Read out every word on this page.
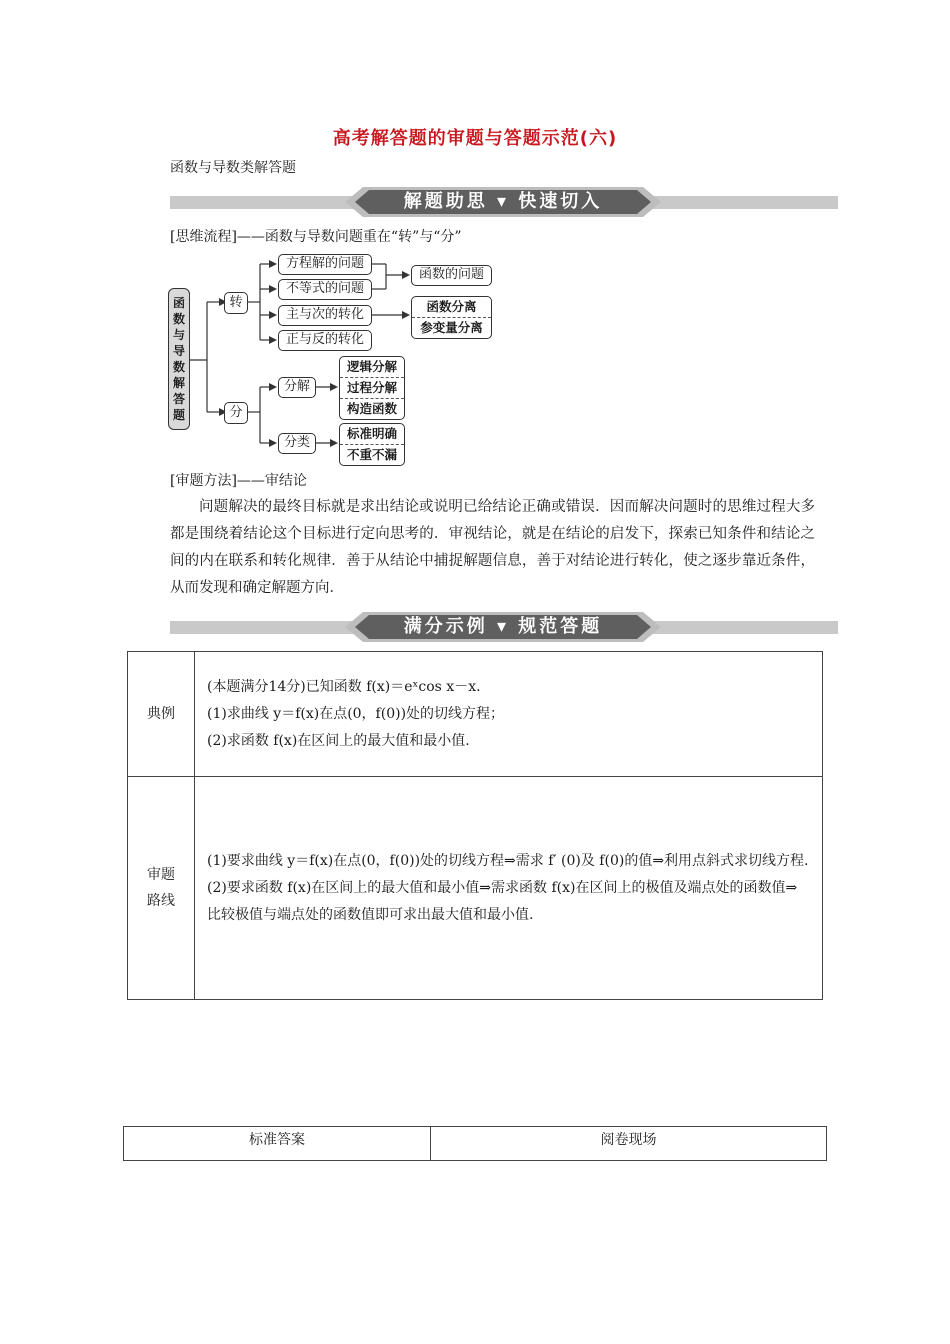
高考解答题的审题与答题示范(六)
函数与导数类解答题
解题助思 ▾ 快速切入
[思维流程]——函数与导数问题重在“转”与“分”
函数与导数解答题
转
分
方程解的问题
不等式的问题
主与次的转化
正与反的转化
函数的问题
函数分离
参变量分离
分解
分类
逻辑分解
过程分解
构造函数
标准明确
不重不漏
[审题方法]——审结论
问题解决的最终目标就是求出结论或说明已给结论正确或错误．因而解决问题时的思维过程大多都是围绕着结论这个目标进行定向思考的．审视结论，就是在结论的启发下，探索已知条件和结论之间的内在联系和转化规律．善于从结论中捕捉解题信息，善于对结论进行转化，使之逐步靠近条件，从而发现和确定解题方向．
满分示例 ▾ 规范答题
典例	(本题满分14分)已知函数 f(x)＝eˣcos x－x.
(1)求曲线 y＝f(x)在点(0，f(0))处的切线方程；
(2)求函数 f(x)在区间上的最大值和最小值.

审题路线	(1)要求曲线 y＝f(x)在点(0，f(0))处的切线方程⇒需求 f′ (0)及 f(0)的值⇒利用点斜式求切线方程.
(2)要求函数 f(x)在区间上的最大值和最小值⇒需求函数 f(x)在区间上的极值及端点处的函数值⇒比较极值与端点处的函数值即可求出最大值和最小值.
标准答案	阅卷现场
